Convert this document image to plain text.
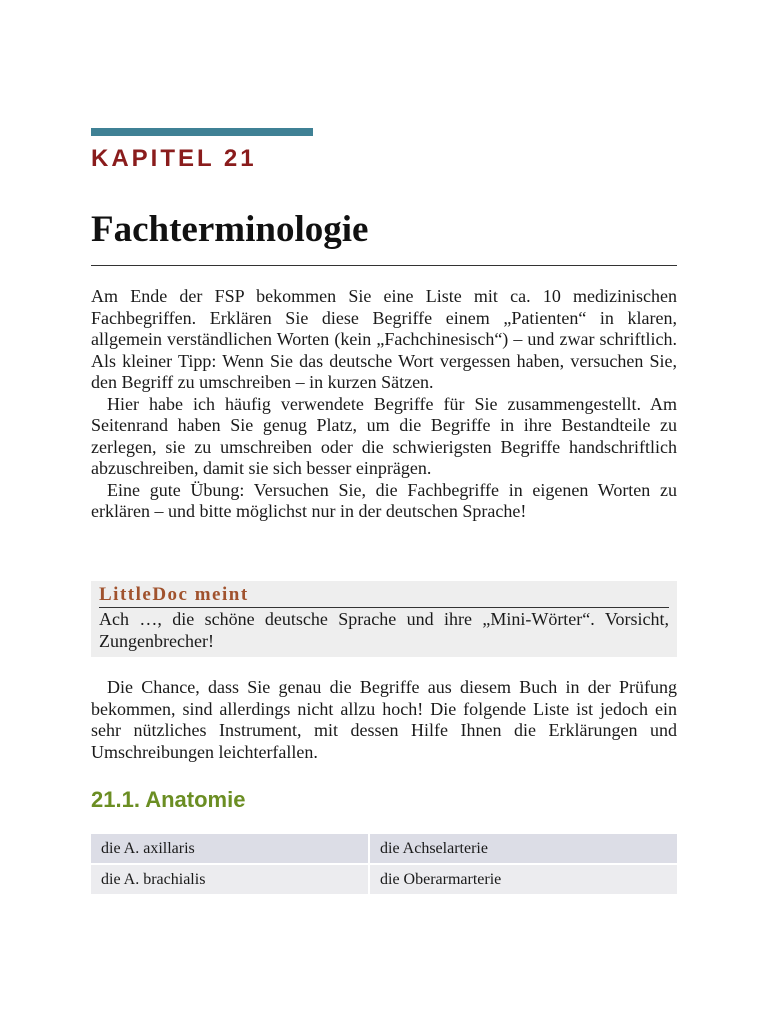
KAPITEL 21
Fachterminologie

Am Ende der FSP bekommen Sie eine Liste mit ca. 10 medizinischen Fachbegriffen. Erklären Sie diese Begriffe einem „Patienten“ in klaren, allgemein verständlichen Worten (kein „Fachchinesisch“) – und zwar schriftlich. Als kleiner Tipp: Wenn Sie das deutsche Wort vergessen haben, versuchen Sie, den Begriff zu umschreiben – in kurzen Sätzen.

Hier habe ich häufig verwendete Begriffe für Sie zusammengestellt. Am Seitenrand haben Sie genug Platz, um die Begriffe in ihre Bestandteile zu zerlegen, sie zu umschreiben oder die schwierigsten Begriffe handschriftlich abzuschreiben, damit sie sich besser einprägen.

Eine gute Übung: Versuchen Sie, die Fachbegriffe in eigenen Worten zu erklären – und bitte möglichst nur in der deutschen Sprache!

LittleDoc meint

Ach …, die schöne deutsche Sprache und ihre „Mini-Wörter“. Vorsicht, Zungenbrecher!

Die Chance, dass Sie genau die Begriffe aus diesem Buch in der Prüfung bekommen, sind allerdings nicht allzu hoch! Die folgende Liste ist jedoch ein sehr nützliches Instrument, mit dessen Hilfe Ihnen die Erklärungen und Umschreibungen leichterfallen.

21.1. Anatomie
die A. axillaris	die Achselarterie
die A. brachialis	die Oberarmarterie
